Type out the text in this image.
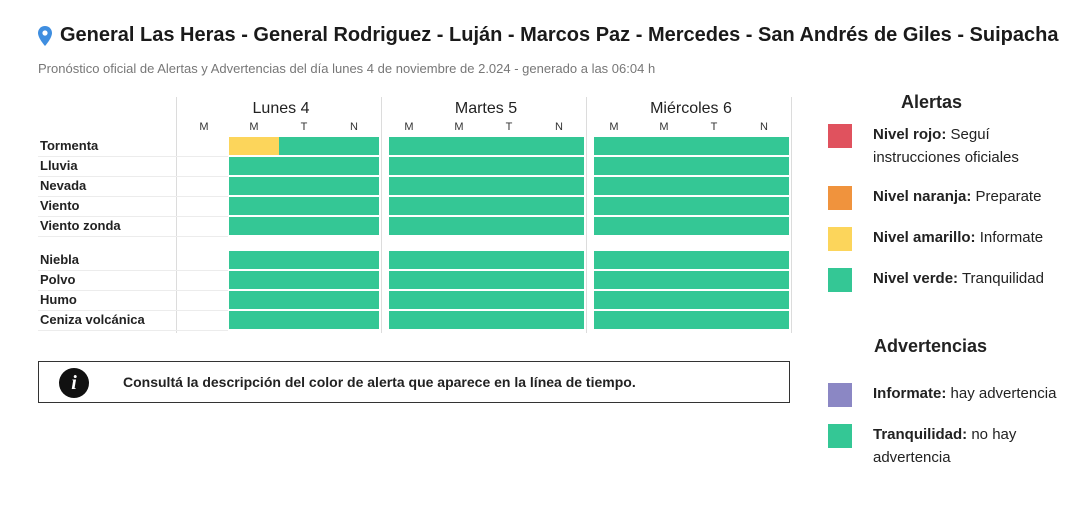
General Las Heras - General Rodriguez - Luján - Marcos Paz - Mercedes - San Andrés de Giles - Suipacha
Pronóstico oficial de Alertas y Advertencias del día lunes 4 de noviembre de 2.024 - generado a las 06:04 h
Lunes 4
M	M	T	N
Martes 5
M	M	T	N
Miércoles 6
M	M	T	N
Tormenta
Lluvia
Nevada
Viento
Viento zonda
Niebla
Polvo
Humo
Ceniza volcánica
i	Consultá la descripción del color de alerta que aparece en la línea de tiempo.
Alertas
Nivel rojo: Seguí instrucciones oficiales
Nivel naranja: Preparate
Nivel amarillo: Informate
Nivel verde: Tranquilidad
Advertencias
Informate: hay advertencia
Tranquilidad: no hay advertencia
